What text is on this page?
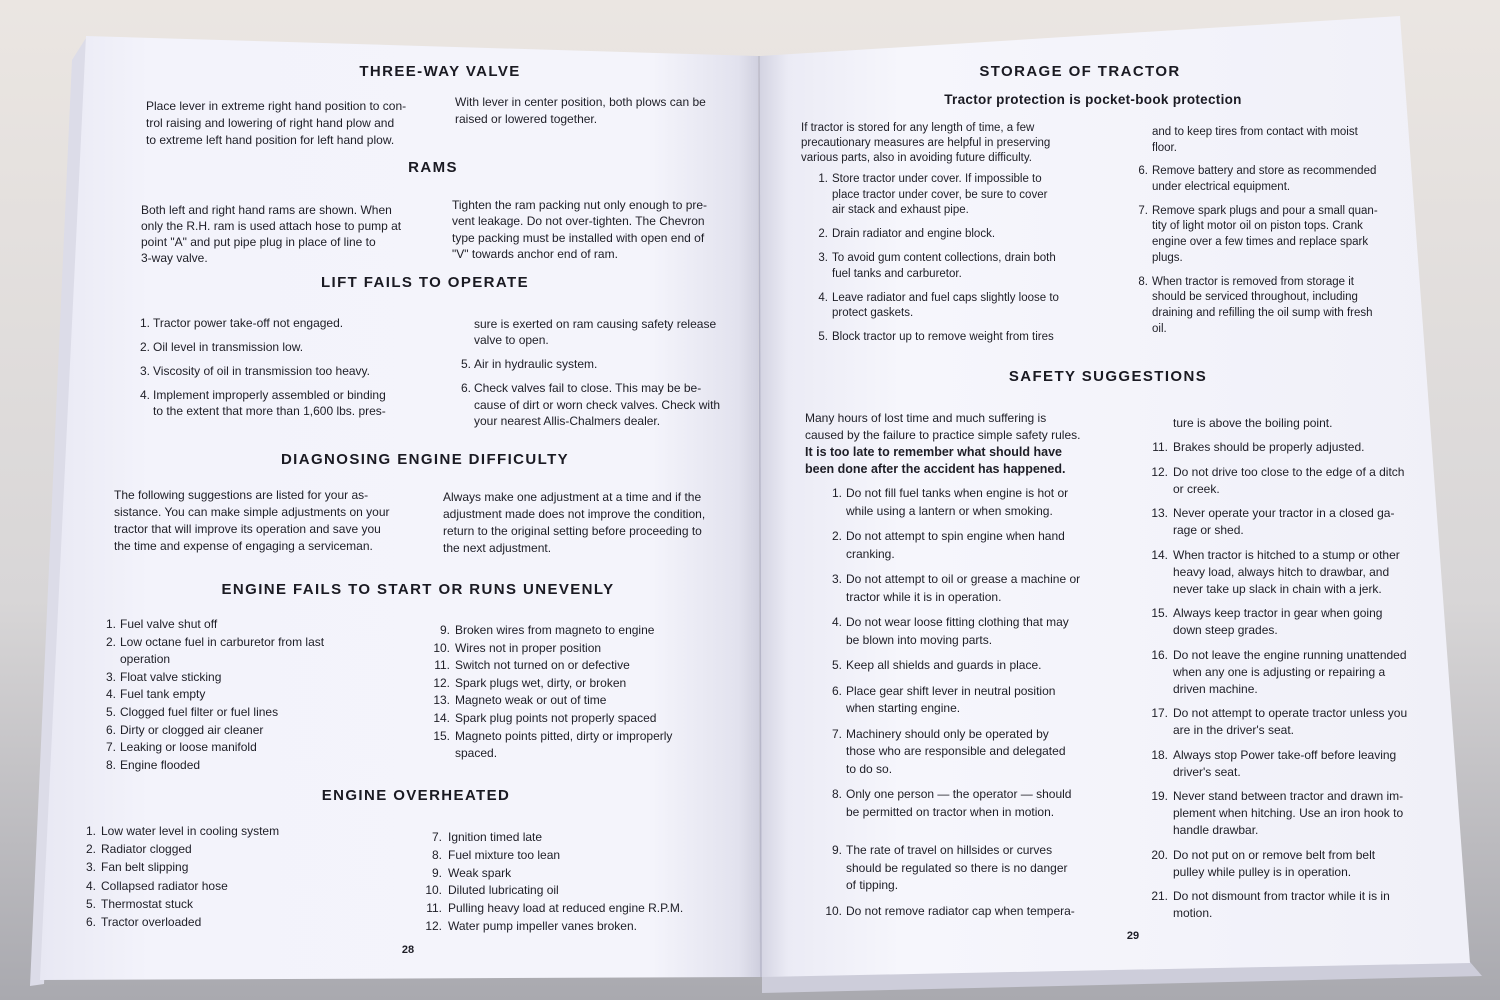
THREE-WAY VALVE
Place lever in extreme right hand position to con-
trol raising and lowering of right hand plow and
to extreme left hand position for left hand plow.
With lever in center position, both plows can be
raised or lowered together.
RAMS
Both left and right hand rams are shown. When
only the R.H. ram is used attach hose to pump at
point "A" and put pipe plug in place of line to
3-way valve.
Tighten the ram packing nut only enough to pre-
vent leakage. Do not over-tighten. The Chevron
type packing must be installed with open end of
"V" towards anchor end of ram.
LIFT FAILS TO OPERATE
1. Tractor power take-off not engaged.
2. Oil level in transmission low.
3. Viscosity of oil in transmission too heavy.
4. Implement improperly assembled or binding
to the extent that more than 1,600 lbs. pres-
sure is exerted on ram causing safety release
valve to open.
5. Air in hydraulic system.
6. Check valves fail to close. This may be be-
cause of dirt or worn check valves. Check with
your nearest Allis-Chalmers dealer.
DIAGNOSING ENGINE DIFFICULTY
The following suggestions are listed for your as-
sistance. You can make simple adjustments on your
tractor that will improve its operation and save you
the time and expense of engaging a serviceman.
Always make one adjustment at a time and if the
adjustment made does not improve the condition,
return to the original setting before proceeding to
the next adjustment.
ENGINE FAILS TO START OR RUNS UNEVENLY
1. Fuel valve shut off
2. Low octane fuel in carburetor from last
operation
3. Float valve sticking
4. Fuel tank empty
5. Clogged fuel filter or fuel lines
6. Dirty or clogged air cleaner
7. Leaking or loose manifold
8. Engine flooded
9. Broken wires from magneto to engine
10. Wires not in proper position
11. Switch not turned on or defective
12. Spark plugs wet, dirty, or broken
13. Magneto weak or out of time
14. Spark plug points not properly spaced
15. Magneto points pitted, dirty or improperly
spaced.
ENGINE OVERHEATED
1. Low water level in cooling system
2. Radiator clogged
3. Fan belt slipping
4. Collapsed radiator hose
5. Thermostat stuck
6. Tractor overloaded
7. Ignition timed late
8. Fuel mixture too lean
9. Weak spark
10. Diluted lubricating oil
11. Pulling heavy load at reduced engine R.P.M.
12. Water pump impeller vanes broken.
28
STORAGE OF TRACTOR
Tractor protection is pocket-book protection
If tractor is stored for any length of time, a few
precautionary measures are helpful in preserving
various parts, also in avoiding future difficulty.
1. Store tractor under cover. If impossible to
place tractor under cover, be sure to cover
air stack and exhaust pipe.
2. Drain radiator and engine block.
3. To avoid gum content collections, drain both
fuel tanks and carburetor.
4. Leave radiator and fuel caps slightly loose to
protect gaskets.
5. Block tractor up to remove weight from tires
and to keep tires from contact with moist
floor.
6. Remove battery and store as recommended
under electrical equipment.
7. Remove spark plugs and pour a small quan-
tity of light motor oil on piston tops. Crank
engine over a few times and replace spark
plugs.
8. When tractor is removed from storage it
should be serviced throughout, including
draining and refilling the oil sump with fresh
oil.
SAFETY SUGGESTIONS
Many hours of lost time and much suffering is
caused by the failure to practice simple safety rules.
It is too late to remember what should have
been done after the accident has happened.
1. Do not fill fuel tanks when engine is hot or
while using a lantern or when smoking.
2. Do not attempt to spin engine when hand
cranking.
3. Do not attempt to oil or grease a machine or
tractor while it is in operation.
4. Do not wear loose fitting clothing that may
be blown into moving parts.
5. Keep all shields and guards in place.
6. Place gear shift lever in neutral position
when starting engine.
7. Machinery should only be operated by
those who are responsible and delegated
to do so.
8. Only one person — the operator — should
be permitted on tractor when in motion.
9. The rate of travel on hillsides or curves
should be regulated so there is no danger
of tipping.
10. Do not remove radiator cap when tempera-
ture is above the boiling point.
11. Brakes should be properly adjusted.
12. Do not drive too close to the edge of a ditch
or creek.
13. Never operate your tractor in a closed ga-
rage or shed.
14. When tractor is hitched to a stump or other
heavy load, always hitch to drawbar, and
never take up slack in chain with a jerk.
15. Always keep tractor in gear when going
down steep grades.
16. Do not leave the engine running unattended
when any one is adjusting or repairing a
driven machine.
17. Do not attempt to operate tractor unless you
are in the driver's seat.
18. Always stop Power take-off before leaving
driver's seat.
19. Never stand between tractor and drawn im-
plement when hitching. Use an iron hook to
handle drawbar.
20. Do not put on or remove belt from belt
pulley while pulley is in operation.
21. Do not dismount from tractor while it is in
motion.
29
